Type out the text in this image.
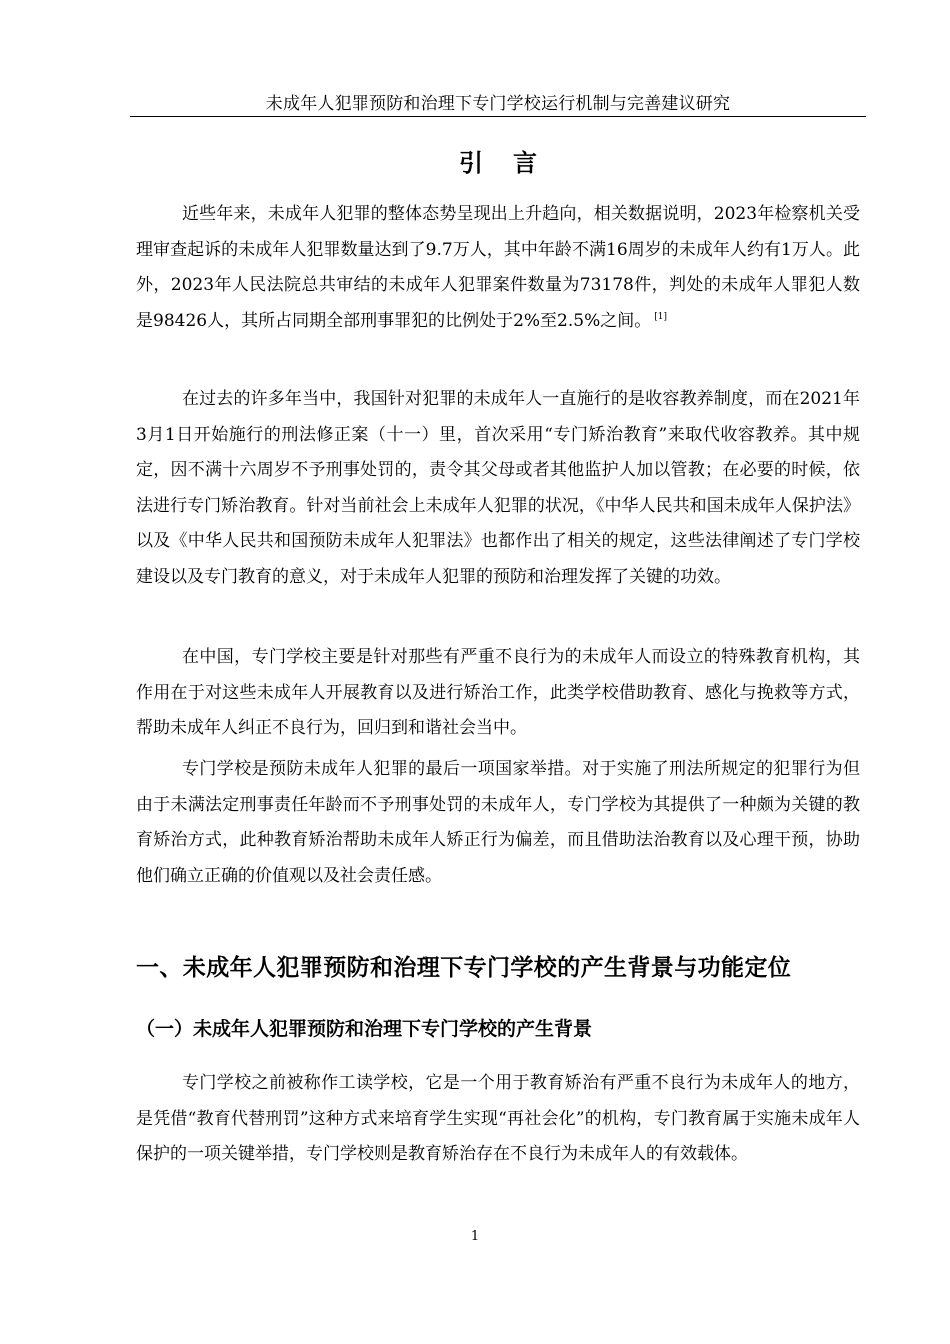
未成年人犯罪预防和治理下专门学校运行机制与完善建议研究
引言

近些年来，未成年人犯罪的整体态势呈现出上升趋向，相关数据说明，2023年检察机关受理审查起诉的未成年人犯罪数量达到了9.7万人，其中年龄不满16周岁的未成年人约有1万人。此外，2023年人民法院总共审结的未成年人犯罪案件数量为73178件，判处的未成年人罪犯人数是98426人，其所占同期全部刑事罪犯的比例处于2%至2.5%之间。 [1]

在过去的许多年当中，我国针对犯罪的未成年人一直施行的是收容教养制度，而在2021年3月1日开始施行的刑法修正案（十一）里，首次采用“专门矫治教育”来取代收容教养。其中规定，因不满十六周岁不予刑事处罚的，责令其父母或者其他监护人加以管教；在必要的时候，依法进行专门矫治教育。针对当前社会上未成年人犯罪的状况，《中华人民共和国未成年人保护法》以及《中华人民共和国预防未成年人犯罪法》也都作出了相关的规定，这些法律阐述了专门学校建设以及专门教育的意义，对于未成年人犯罪的预防和治理发挥了关键的功效。

在中国，专门学校主要是针对那些有严重不良行为的未成年人而设立的特殊教育机构，其作用在于对这些未成年人开展教育以及进行矫治工作，此类学校借助教育、感化与挽救等方式，帮助未成年人纠正不良行为，回归到和谐社会当中。

专门学校是预防未成年人犯罪的最后一项国家举措。对于实施了刑法所规定的犯罪行为但由于未满法定刑事责任年龄而不予刑事处罚的未成年人，专门学校为其提供了一种颇为关键的教育矫治方式，此种教育矫治帮助未成年人矫正行为偏差，而且借助法治教育以及心理干预，协助他们确立正确的价值观以及社会责任感。

一、未成年人犯罪预防和治理下专门学校的产生背景与功能定位
（一）未成年人犯罪预防和治理下专门学校的产生背景

专门学校之前被称作工读学校，它是一个用于教育矫治有严重不良行为未成年人的地方，是凭借“教育代替刑罚”这种方式来培育学生实现“再社会化”的机构，专门教育属于实施未成年人保护的一项关键举措，专门学校则是教育矫治存在不良行为未成年人的有效载体。

1
